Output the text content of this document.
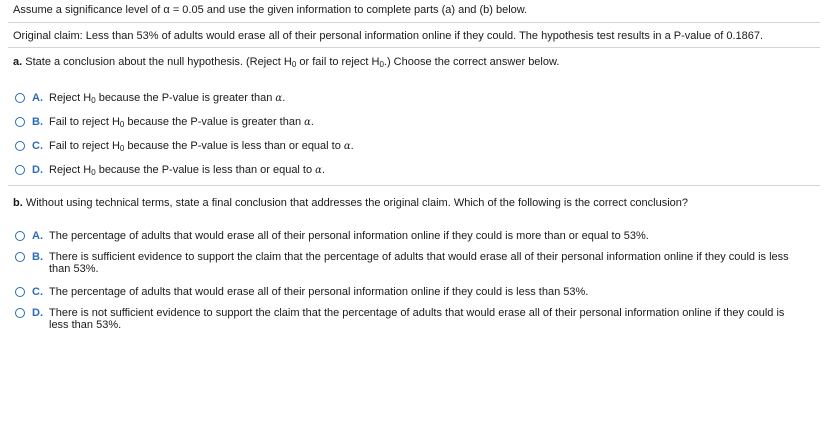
Assume a significance level of α = 0.05 and use the given information to complete parts (a) and (b) below.
Original claim: Less than 53% of adults would erase all of their personal information online if they could. The hypothesis test results in a P-value of 0.1867.
a. State a conclusion about the null hypothesis. (Reject $H_0$ or fail to reject $H_0$.) Choose the correct answer below.
A. Reject $H_0$ because the P-value is greater than α.
B. Fail to reject $H_0$ because the P-value is greater than α.
C. Fail to reject $H_0$ because the P-value is less than or equal to α.
D. Reject $H_0$ because the P-value is less than or equal to α.
b. Without using technical terms, state a final conclusion that addresses the original claim. Which of the following is the correct conclusion?
A. The percentage of adults that would erase all of their personal information online if they could is more than or equal to 53%.
B. There is sufficient evidence to support the claim that the percentage of adults that would erase all of their personal information online if they could is less than 53%.
C. The percentage of adults that would erase all of their personal information online if they could is less than 53%.
D. There is not sufficient evidence to support the claim that the percentage of adults that would erase all of their personal information online if they could is less than 53%.
